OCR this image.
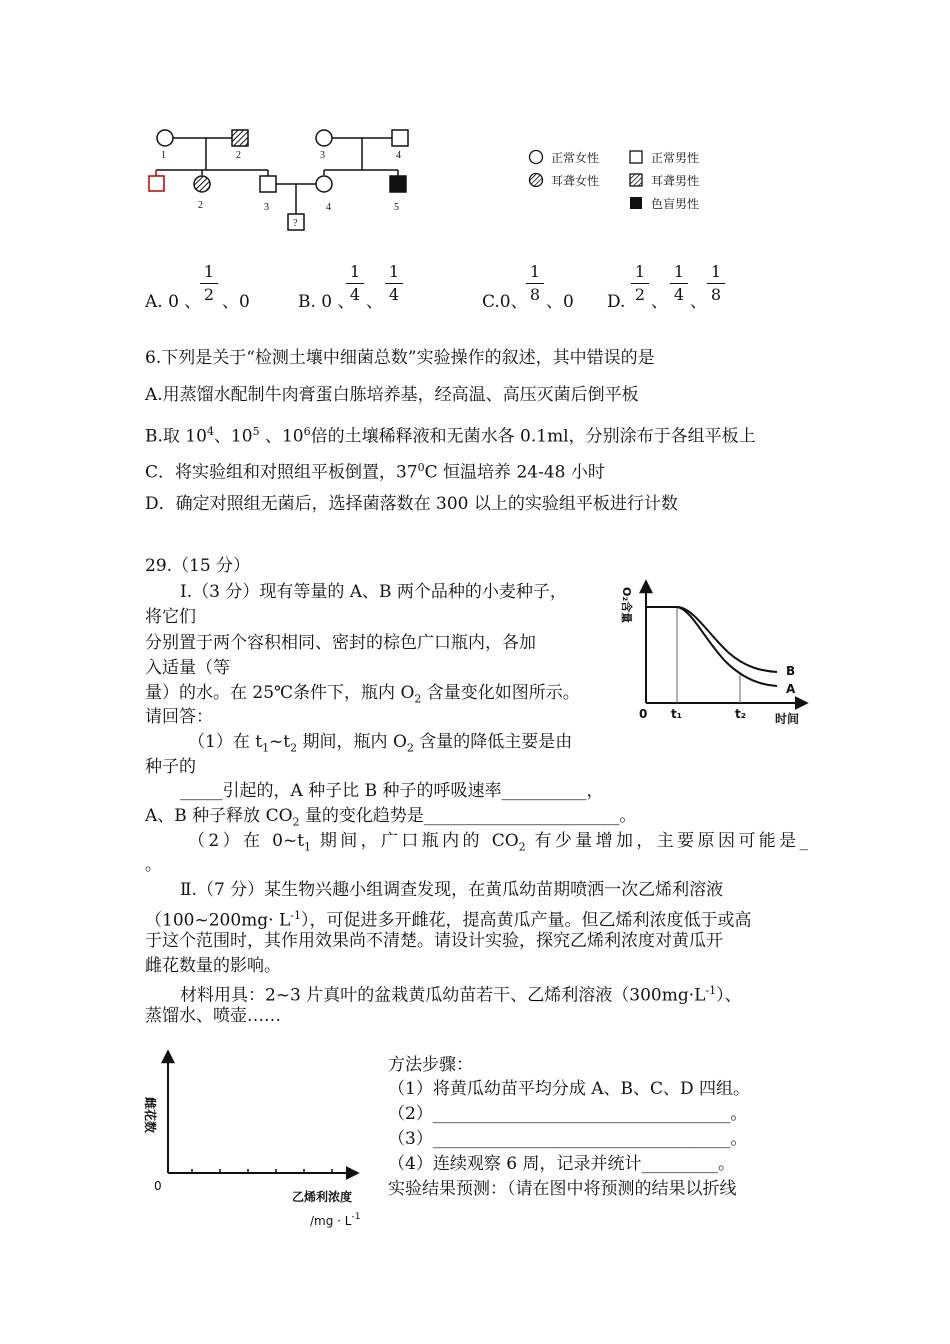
1	2	3	4
2	3	4	5
?
正常女性
耳聋女性
正常男性
耳聋男性
色盲男性
A. 0 、
1
2 、0	B. 0 、
1
4 、
1
4	C.0、
1
8 、0 D.
1
2 、
1
4 、
1
8
6.下列是关于“检测土壤中细菌总数”实验操作的叙述，其中错误的是
A.用蒸馏水配制牛肉膏蛋白胨培养基，经高温、高压灭菌后倒平板
B.取 $10^4$、$10^5$ 、$10^6$倍的土壤稀释液和无菌水各 0.1ml，分别涂布于各组平板上
C．将实验组和对照组平板倒置，$37^0C$ 恒温培养 24-48 小时
D．确定对照组无菌后，选择菌落数在 300 以上的实验组平板进行计数
29.（15 分）
I.（3 分）现有等量的 A、B 两个品种的小麦种子，
将它们
分别置于两个容积相同、密封的棕色广口瓶内，各加
入适量（等
量）的水。在 25℃条件下，瓶内 $O_2$ 含量变化如图所示。
请回答：
（1）在 $t_1\sim t_2$ 期间，瓶内 $O_2$ 含量的降低主要是由
种子的
_____引起的，A 种子比 B 种子的呼吸速率__________，
A、B 种子释放 $CO_2$ 量的变化趋势是_______________________。
（2）在 $0\sim t_1$ 期间，广口瓶内的 $CO_2$ 有少量增加，主要原因可能是_
。
Ⅱ.（7 分）某生物兴趣小组调查发现，在黄瓜幼苗期喷洒一次乙烯利溶液
（100~200mg· $L^{-1}$），可促进多开雌花，提高黄瓜产量。但乙烯利浓度低于或高
于这个范围时，其作用效果尚不清楚。请设计实验，探究乙烯利浓度对黄瓜开
雌花数量的影响。
材料用具：2~3 片真叶的盆栽黄瓜幼苗若干、乙烯利溶液$(300mg\cdot L^{-1})$、
蒸馏水、喷壶……
方法步骤：
（1）将黄瓜幼苗平均分成 A、B、C、D 四组。
（2）___________________________________。
（3）___________________________________。
（4）连续观察 6 周，记录并统计_________。
实验结果预测：（请在图中将预测的结果以折线
O₂含量
0 t₁	t₂ 时间
B
A
雌花数
0
乙烯利浓度
$/mg \cdot L^{-1}$
